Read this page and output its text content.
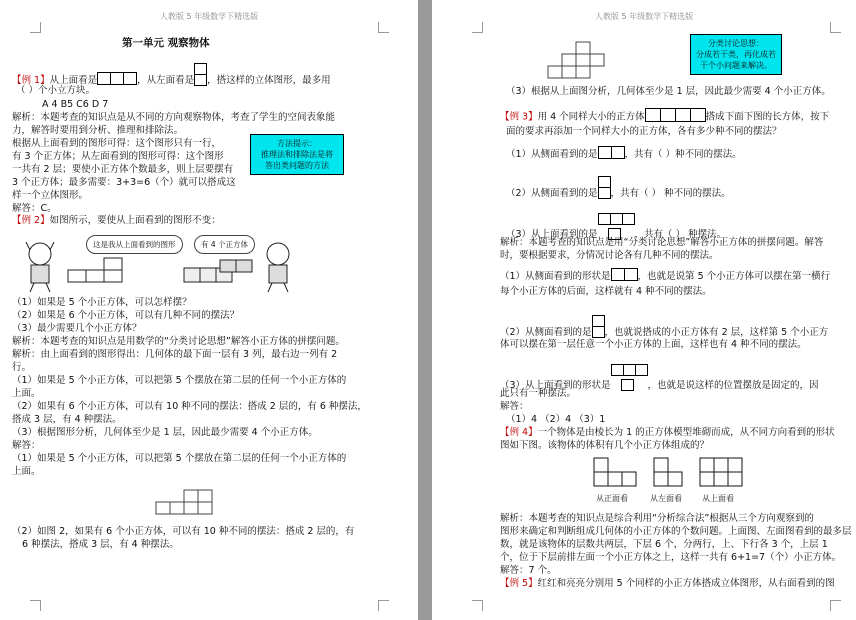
人教版 5 年级数学下精选版
第一单元 观察物体
【例 1】从上面看是	，从左面看是 ，搭这样的立体图形，最多用
（ ）个小立方块。
A 4 B5 C6 D 7
解析：本题考查的知识点是从不同的方向观察物体，考查了学生的空间表象能
力，解答时要用到分析、推理和排除法。
根据从上面看到的图形可得：这个图形只有一行，
有 3 个正方体；从左面看到的图形可得：这个图形
一共有 2 层；要使小正方体个数最多，则上层要摆有
3 个正方体；最多需要：3+3=6（个）就可以搭成这
样一个立体图形。
解答：C。
方法提示：
推理法和排除法是将
答出类问题的方法
【例 2】如图所示，要使从上面看到的图形不变：
这是我从上面看到的图形	有 4 个正方体
（1）如果是 5 个小正方体，可以怎样摆？
（2）如果是 6 个小正方体，可以有几种不同的摆法？
（3）最少需要几个小正方体？
解析：本题考查的知识点是用数学的“分类讨论思想”解答小正方体的拼摆问题。
解析：由上面看到的图形得出：几何体的最下面一层有 3 列，最右边一列有 2
行。
（1）如果是 5 个小正方体，可以把第 5 个摆放在第二层的任何一个小正方体的
上面。
（2）如果有 6 个小正方体，可以有 10 种不同的摆法：搭成 2 层的，有 6 种摆法，
搭成 3 层，有 4 种摆法。
（3）根据图形分析，几何体至少是 1 层，因此最少需要 4 个小正方体。
解答：
（1）如果是 5 个小正方体，可以把第 5 个摆放在第二层的任何一个小正方体的
上面。
（2）如图 2，如果有 6 个小正方体，可以有 10 种不同的摆法：搭成 2 层的，有
6 种摆法，搭成 3 层，有 4 种摆法。
人教版 5 年级数学下精选版
分类讨论思想：
分成若干类，再化成若
干个小问题来解决。
（3）根据从上面图分析，几何体至少是 1 层，因此最少需要 4 个小正方体。
【例 3】用 4 个同样大小的正方体	搭成下面下图的长方体，按下
面的要求再添加一个同样大小的正方体，各有多少种不同的摆法？
（1）从侧面看到的是	，共有（ ）种不同的摆法。
（2）从侧面看到的是 ，共有（ ） 种不同的摆法。
（3）从上面看到的是	，共有（ ） 种摆法。
解析：本题考查的知识点是用“分类讨论思想”解答小正方体的拼摆问题。解答
时，要根据要求，分情况讨论各有几种不同的摆法。
（1）从侧面看到的形状是	，也就是说第 5 个小正方体可以摆在第一横行
每个小正方体的后面，这样就有 4 种不同的摆法。
（2）从侧面看到的是 ，也就说搭成的小正方体有 2 层，这样第 5 个小正方
体可以摆在第一层任意一个小正方体的上面，这样也有 4 种不同的摆法。
（3）从上面看到的形状是	，也就是说这样的位置摆放是固定的，因
此只有一种摆法。
解答：
（1）4 （2）4 （3）1
【例 4】一个物体是由棱长为 1 的正方体模型堆砌而成，从不同方向看到的形状
图如下图。该物体的体积有几个小正方体组成的？
从正面看	从左面看	从上面看
解析：本题考查的知识点是综合利用“分析综合法”根据从三个方向观察到的
图形来确定和判断组成几何体的小正方体的个数问题。上面图、左面图看到的最多层
数，就是该物体的层数共两层，下层 6 个，分两行，上、下行各 3 个，上层 1
个，位于下层前排左面一个小正方体之上，这样一共有 6+1=7（个）小正方体。
解答：7 个。
【例 5】红红和亮亮分别用 5 个同样的小正方体搭成立体图形，从右面看到的图
